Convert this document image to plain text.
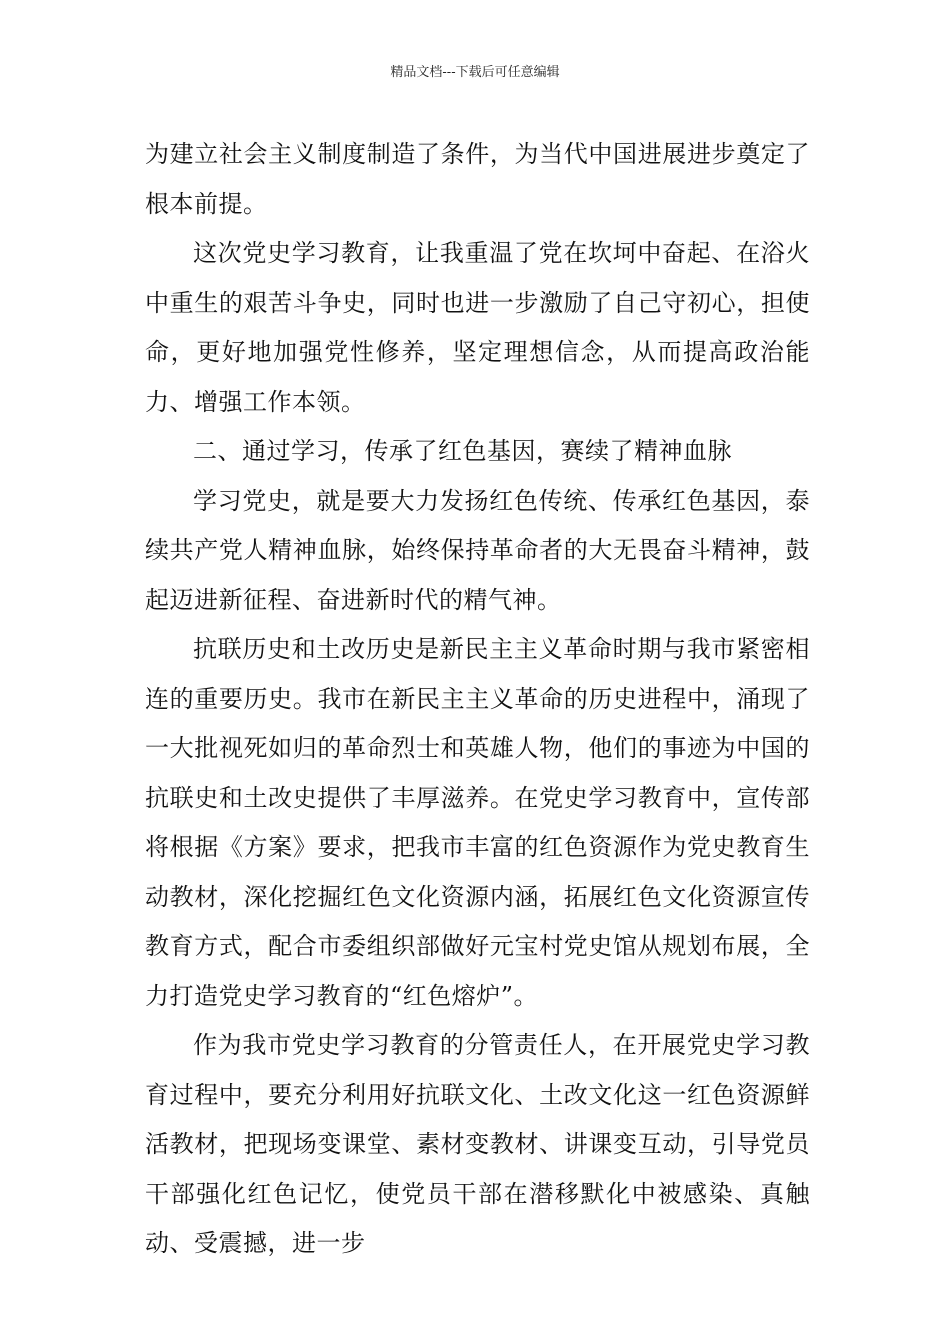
精品文档---下载后可任意编辑

为建立社会主义制度制造了条件，为当代中国进展进步奠定了根本前提。

这次党史学习教育，让我重温了党在坎坷中奋起、在浴火中重生的艰苦斗争史，同时也进一步激励了自己守初心，担使命，更好地加强党性修养，坚定理想信念，从而提高政治能力、增强工作本领。

二、通过学习，传承了红色基因，赛续了精神血脉

学习党史，就是要大力发扬红色传统、传承红色基因，泰续共产党人精神血脉，始终保持革命者的大无畏奋斗精神，鼓起迈进新征程、奋进新时代的精气神。

抗联历史和土改历史是新民主主义革命时期与我市紧密相连的重要历史。我市在新民主主义革命的历史进程中，涌现了一大批视死如归的革命烈士和英雄人物，他们的事迹为中国的抗联史和土改史提供了丰厚滋养。在党史学习教育中，宣传部将根据《方案》要求，把我市丰富的红色资源作为党史教育生动教材，深化挖掘红色文化资源内涵，拓展红色文化资源宣传教育方式，配合市委组织部做好元宝村党史馆从规划布展，全力打造党史学习教育的“红色熔炉”。

作为我市党史学习教育的分管责任人，在开展党史学习教育过程中，要充分利用好抗联文化、土改文化这一红色资源鲜活教材，把现场变课堂、素材变教材、讲课变互动，引导党员干部强化红色记忆，使党员干部在潜移默化中被感染、真触动、受震撼，进一步
